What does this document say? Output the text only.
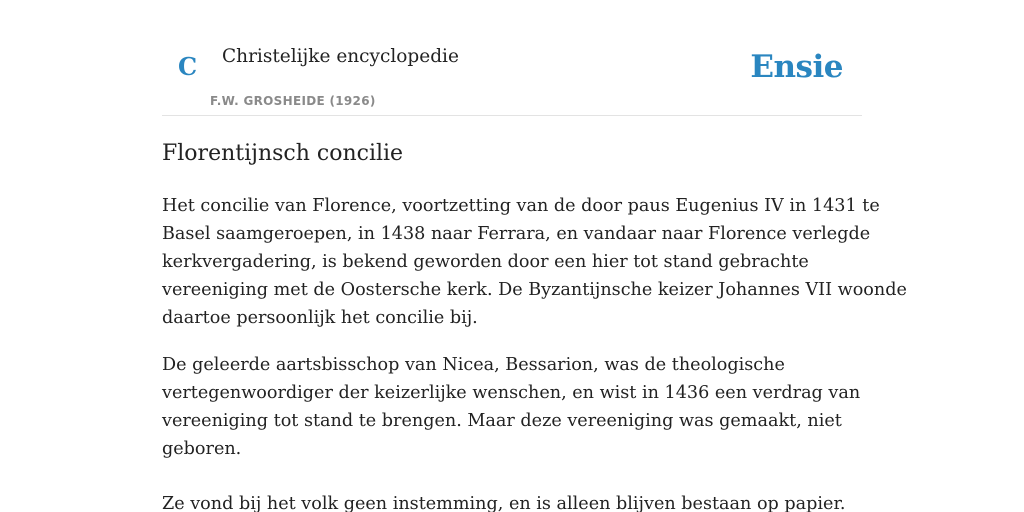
C Christelijke encyclopedie
F.W. GROSHEIDE (1926)
Ensie
Florentijnsch concilie

Het concilie van Florence, voortzetting van de door paus Eugenius IV in 1431 te
Basel saamgeroepen, in 1438 naar Ferrara, en vandaar naar Florence verlegde
kerkvergadering, is bekend geworden door een hier tot stand gebrachte
vereeniging met de Oostersche kerk. De Byzantijnsche keizer Johannes VII woonde
daartoe persoonlijk het concilie bij.

De geleerde aartsbisschop van Nicea, Bessarion, was de theologische
vertegenwoordiger der keizerlijke wenschen, en wist in 1436 een verdrag van
vereeniging tot stand te brengen. Maar deze vereeniging was gemaakt, niet
geboren.

Ze vond bij het volk geen instemming, en is alleen blijven bestaan op papier.
